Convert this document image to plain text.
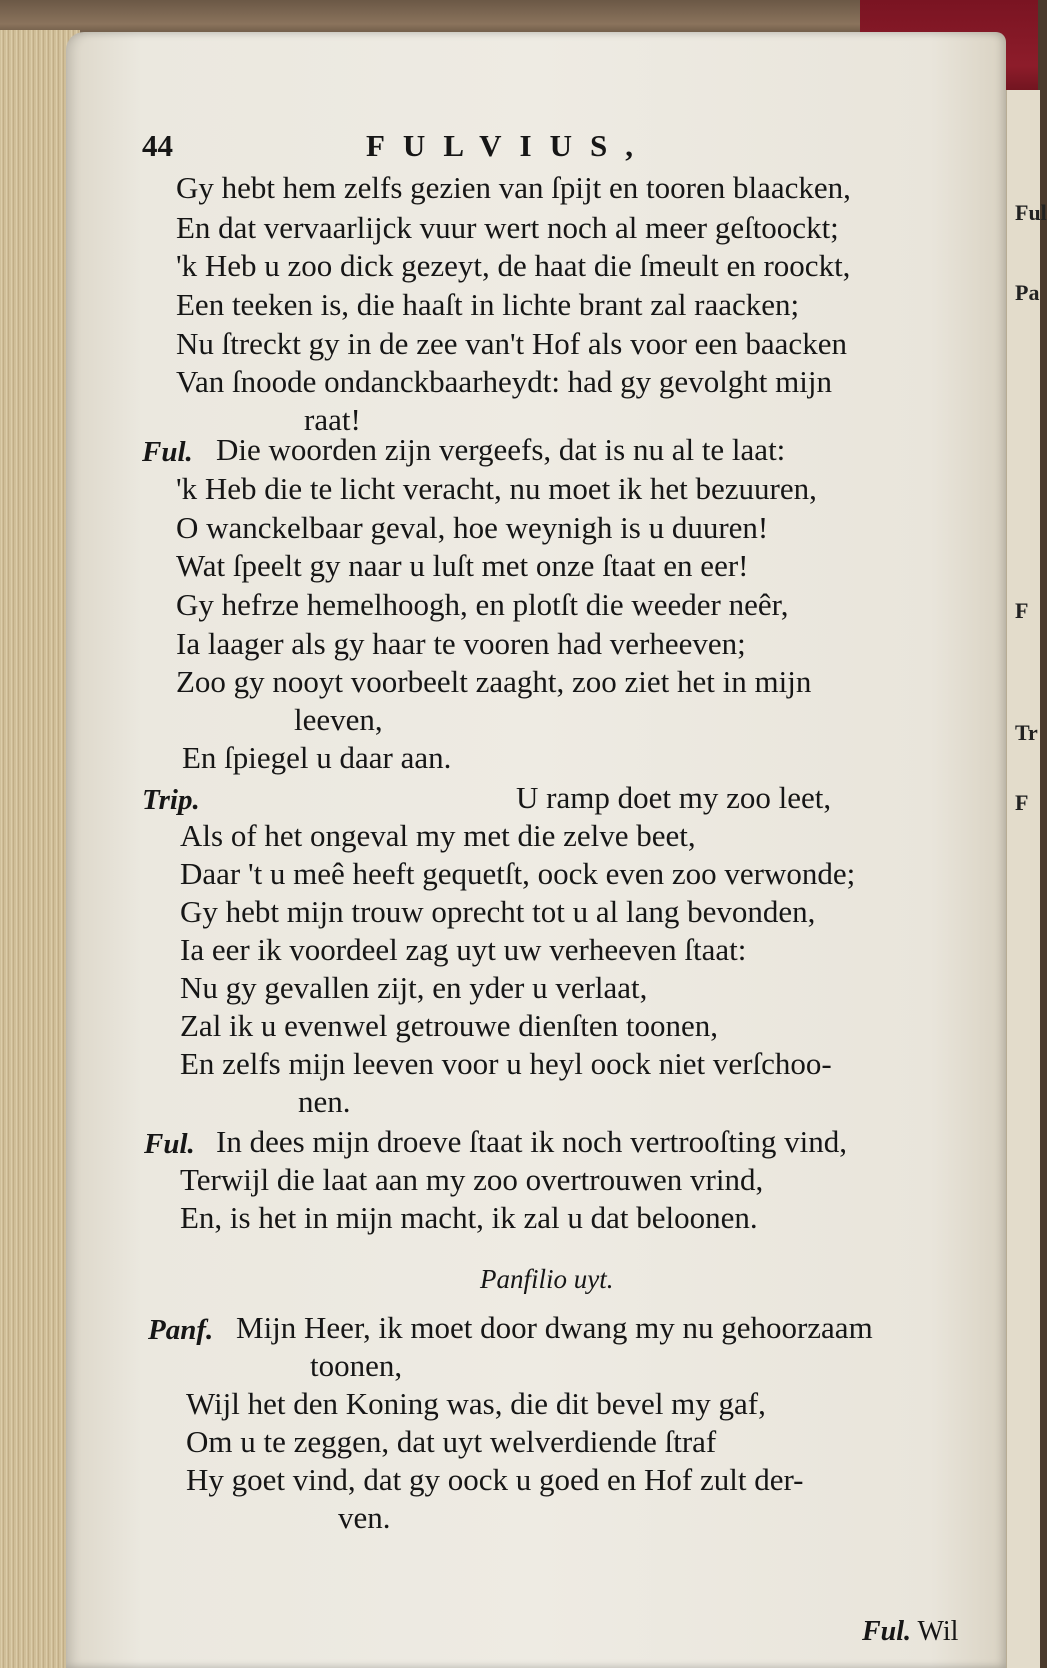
Ful
Pa
F
Tr
F
44	FULVIUS,
Gy hebt hem zelfs gezien van ſpijt en tooren blaacken,
En dat vervaarlijck vuur wert noch al meer geſtoockt;
'k Heb u zoo dick gezeyt, de haat die ſmeult en roockt,
Een teeken is, die haaſt in lichte brant zal raacken;
Nu ſtreckt gy in de zee van't Hof als voor een baacken
Van ſnoode ondanckbaarheydt: had gy gevolght mijn
raat!
Ful. Die woorden zijn vergeefs, dat is nu al te laat:
'k Heb die te licht veracht, nu moet ik het bezuuren,
O wanckelbaar geval, hoe weynigh is u duuren!
Wat ſpeelt gy naar u luſt met onze ſtaat en eer!
Gy hefrze hemelhoogh, en plotſt die weeder neêr,
Ia laager als gy haar te vooren had verheeven;
Zoo gy nooyt voorbeelt zaaght, zoo ziet het in mijn
leeven,
En ſpiegel u daar aan.
Trip.	U ramp doet my zoo leet,
Als of het ongeval my met die zelve beet,
Daar 't u meê heeft gequetſt, oock even zoo verwonde;
Gy hebt mijn trouw oprecht tot u al lang bevonden,
Ia eer ik voordeel zag uyt uw verheeven ſtaat:
Nu gy gevallen zijt, en yder u verlaat,
Zal ik u evenwel getrouwe dienſten toonen,
En zelfs mijn leeven voor u heyl oock niet verſchoo-
nen.
Ful. In dees mijn droeve ſtaat ik noch vertrooſting vind,
Terwijl die laat aan my zoo overtrouwen vrind,
En, is het in mijn macht, ik zal u dat beloonen.
Panfilio uyt.
Panf. Mijn Heer, ik moet door dwang my nu gehoorzaam
toonen,
Wijl het den Koning was, die dit bevel my gaf,
Om u te zeggen, dat uyt welverdiende ſtraf
Hy goet vind, dat gy oock u goed en Hof zult der-
ven.
Ful. Wil
